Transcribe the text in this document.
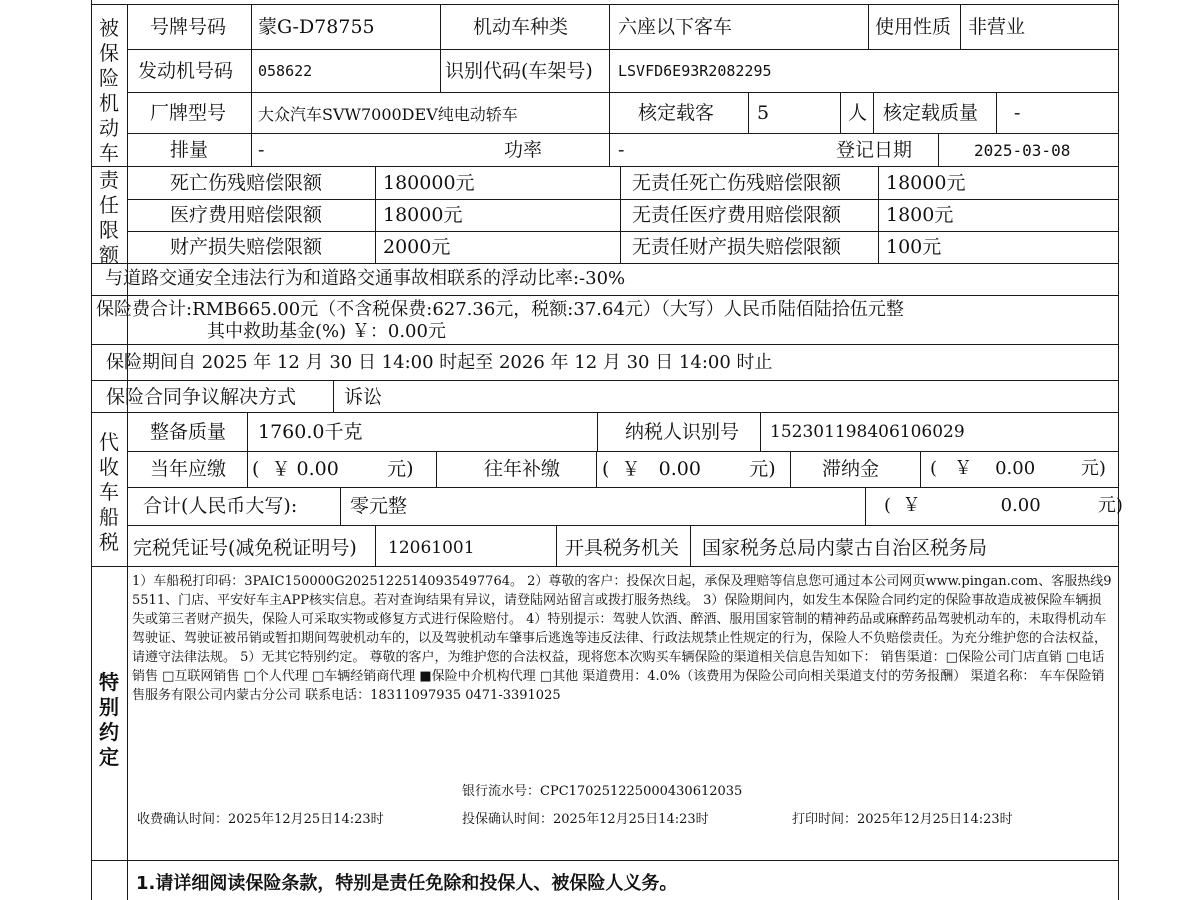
被
保
险
机
动
车
号牌号码 蒙G-D78755	机动车种类	六座以下客车	使用性质 非营业
发动机号码 058622	识别代码(车架号) LSVFD6E93R2082295
厂牌型号 大众汽车SVW7000DEV纯电动轿车	核定载客 5	人 核定载质量 -
排量	-	功率	-	登记日期	2025-03-08
责
任
限
额
死亡伤残赔偿限额	180000元	无责任死亡伤残赔偿限额 18000元
医疗费用赔偿限额	18000元	无责任医疗费用赔偿限额 1800元
财产损失赔偿限额	2000元	无责任财产损失赔偿限额 100元
与道路交通安全违法行为和道路交通事故相联系的浮动比率:-30%
保险费合计:RMB665.00元（不含税保费:627.36元，税额:37.64元）（大写）人民币陆佰陆拾伍元整
其中救助基金(%) ￥：0.00元
保险期间自 2025 年 12 月 30 日 14:00 时起至 2026 年 12 月 30 日 14:00 时止
保险合同争议解决方式	诉讼
代
收
车
船
税
整备质量 1760.0千克	纳税人识别号 152301198406106029
当年应缴 (  ￥ 0.00        元)	往年补缴 (  ￥   0.00        元) 滞纳金	(   ￥    0.00        元)
合计(人民币大写):	零元整	(  ￥              0.00          元)
完税凭证号(减免税证明号) 12061001	开具税务机关 国家税务总局内蒙古自治区税务局
特
别
约
定
1）车船税打印码：3PAIC150000G20251225140935497764。 2）尊敬的客户：投保次日起，承保及理赔等信息您可通过本公司网页www.pingan.com、客服热线95511、门店、平安好车主APP核实信息。若对查询结果有异议，请登陆网站留言或拨打服务热线。 3）保险期间内，如发生本保险合同约定的保险事故造成被保险车辆损失或第三者财产损失，保险人可采取实物或修复方式进行保险赔付。 4）特别提示：驾驶人饮酒、醉酒、服用国家管制的精神药品或麻醉药品驾驶机动车的，未取得机动车驾驶证、驾驶证被吊销或暂扣期间驾驶机动车的，以及驾驶机动车肇事后逃逸等违反法律、行政法规禁止性规定的行为，保险人不负赔偿责任。为充分维护您的合法权益，请遵守法律法规。 5）无其它特别约定。 尊敬的客户，为维护您的合法权益，现将您本次购买车辆保险的渠道相关信息告知如下： 销售渠道：□保险公司门店直销 □电话销售 □互联网销售 □个人代理 □车辆经销商代理 ■保险中介机构代理 □其他 渠道费用：4.0%（该费用为保险公司向相关渠道支付的劳务报酬） 渠道名称： 车车保险销售服务有限公司内蒙古分公司 联系电话：18311097935 0471-3391025
银行流水号：CPC170251225000430612035
收费确认时间：2025年12月25日14:23时	投保确认时间：2025年12月25日14:23时	打印时间：2025年12月25日14:23时
1.请详细阅读保险条款，特别是责任免除和投保人、被保险人义务。
